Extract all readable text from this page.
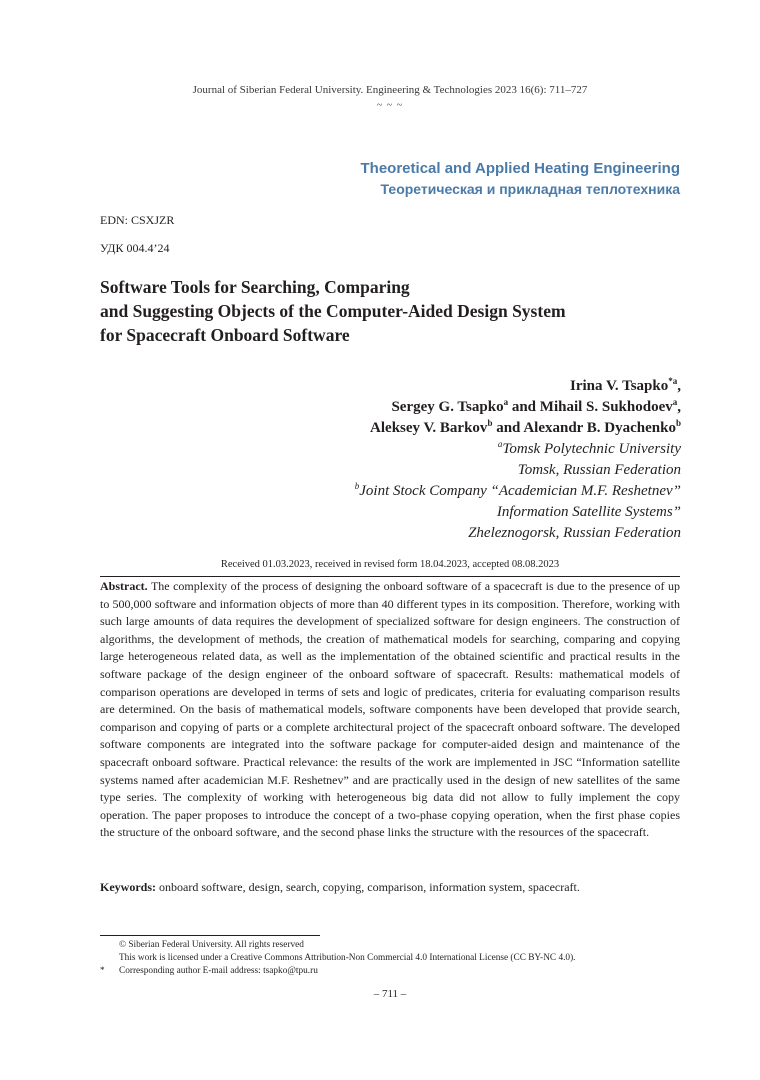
Journal of Siberian Federal University. Engineering & Technologies 2023 16(6): 711–727
~ ~ ~
Theoretical and Applied Heating Engineering
Теоретическая и прикладная теплотехника
EDN: CSXJZR
УДК 004.4’24
Software Tools for Searching, Comparing
and Suggesting Objects of the Computer-Aided Design System
for Spacecraft Onboard Software
Irina V. Tsapko$^{*a}$,
Sergey G. Tsapko$^a$ and Mihail S. Sukhodoev$^a$,
Aleksey V. Barkov$^b$ and Alexandr B. Dyachenko$^b$
$^a$Tomsk Polytechnic University
Tomsk, Russian Federation
$^b$Joint Stock Company “Academician M.F. Reshetnev”
Information Satellite Systems”
Zheleznogorsk, Russian Federation
Received 01.03.2023, received in revised form 18.04.2023, accepted 08.08.2023
Abstract. The complexity of the process of designing the onboard software of a spacecraft is due to the presence of up to 500,000 software and information objects of more than 40 different types in its composition. Therefore, working with such large amounts of data requires the development of specialized software for design engineers. The construction of algorithms, the development of methods, the creation of mathematical models for searching, comparing and copying large heterogeneous related data, as well as the implementation of the obtained scientific and practical results in the software package of the design engineer of the onboard software of spacecraft. Results: mathematical models of comparison operations are developed in terms of sets and logic of predicates, criteria for evaluating comparison results are determined. On the basis of mathematical models, software components have been developed that provide search, comparison and copying of parts or a complete architectural project of the spacecraft onboard software. The developed software components are integrated into the software package for computer-aided design and maintenance of the spacecraft onboard software. Practical relevance: the results of the work are implemented in JSC “Information satellite systems named after academician M.F. Reshetnev” and are practically used in the design of new satellites of the same type series. The complexity of working with heterogeneous big data did not allow to fully implement the copy operation. The paper proposes to introduce the concept of a two-phase copying operation, when the first phase copies the structure of the onboard software, and the second phase links the structure with the resources of the spacecraft.
Keywords: onboard software, design, search, copying, comparison, information system, spacecraft.
© Siberian Federal University. All rights reserved
This work is licensed under a Creative Commons Attribution-Non Commercial 4.0 International License (CC BY-NC 4.0).
* Corresponding author E-mail address: tsapko@tpu.ru
– 711 –
